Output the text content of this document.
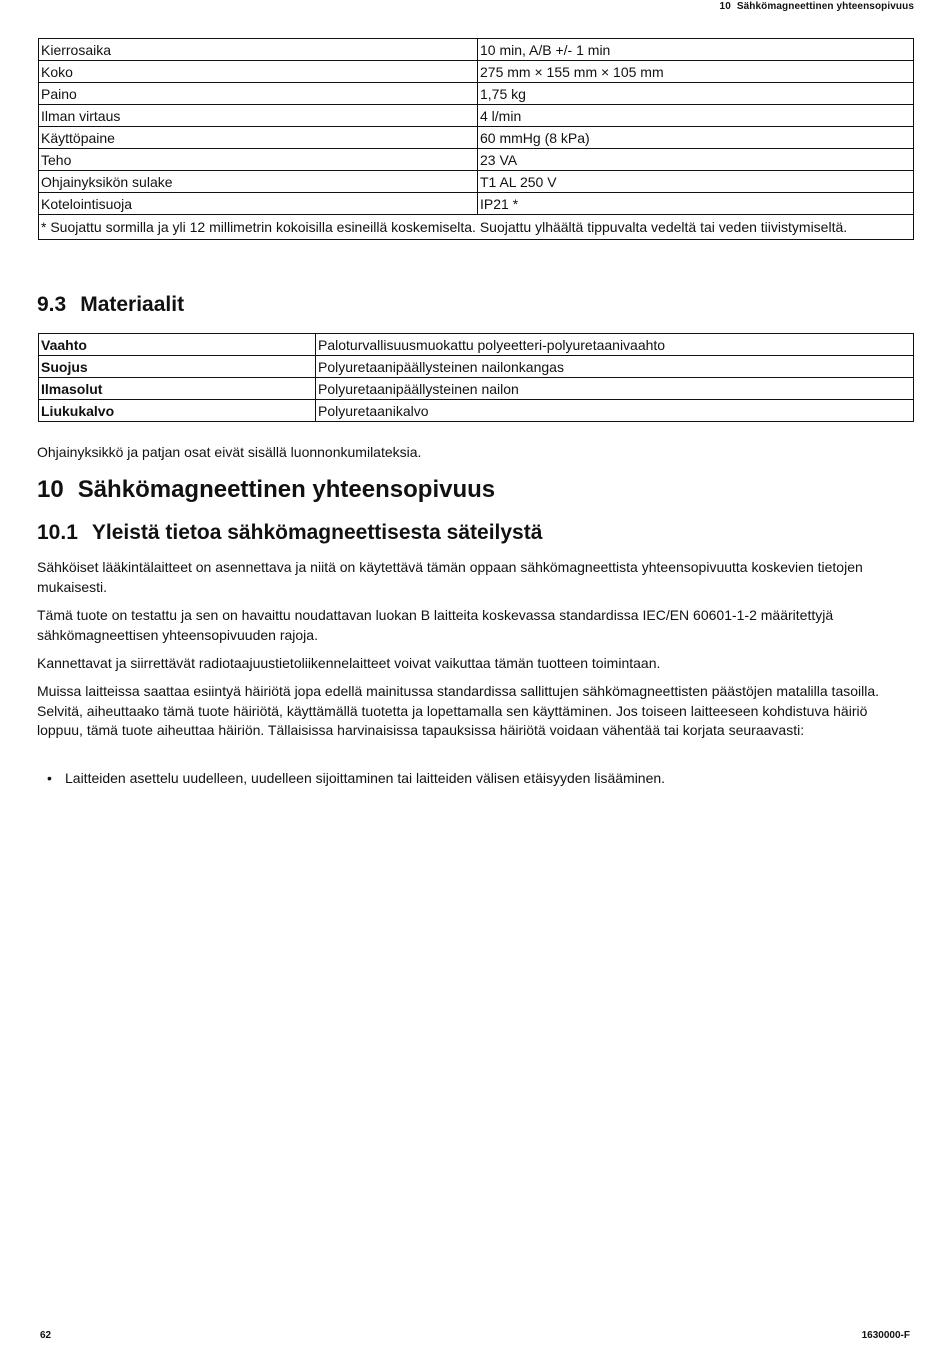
10 Sähkömagneettinen yhteensopivuus
Kierrosaika	10 min, A/B +/- 1 min
Koko	275 mm × 155 mm × 105 mm
Paino	1,75 kg
Ilman virtaus	4 l/min
Käyttöpaine	60 mmHg (8 kPa)
Teho	23 VA
Ohjainyksikön sulake	T1 AL 250 V
Kotelointisuoja	IP21 *
* Suojattu sormilla ja yli 12 millimetrin kokoisilla esineillä koskemiselta. Suojattu ylhäältä tippuvalta vedeltä tai veden tiivistymiseltä.	
9.3 Materiaalit
Vaahto	Paloturvallisuusmuokattu polyeetteri-polyuretaanivaahto
Suojus	Polyuretaanipäällysteinen nailonkangas
Ilmasolut	Polyuretaanipäällysteinen nailon
Liukukalvo	Polyuretaanikalvo

Ohjainyksikkö ja patjan osat eivät sisällä luonnonkumilateksia.

10 Sähkömagneettinen yhteensopivuus
10.1 Yleistä tietoa sähkömagneettisesta säteilystä

Sähköiset lääkintälaitteet on asennettava ja niitä on käytettävä tämän oppaan sähkömagneettista yhteensopivuutta koskevien tietojen mukaisesti.

Tämä tuote on testattu ja sen on havaittu noudattavan luokan B laitteita koskevassa standardissa IEC/EN 60601-1-2 määritettyjä sähkömagneettisen yhteensopivuuden rajoja.

Kannettavat ja siirrettävät radiotaajuustietoliikennelaitteet voivat vaikuttaa tämän tuotteen toimintaan.

Muissa laitteissa saattaa esiintyä häiriötä jopa edellä mainitussa standardissa sallittujen sähkömagneettisten päästöjen matalilla tasoilla. Selvitä, aiheuttaako tämä tuote häiriötä, käyttämällä tuotetta ja lopettamalla sen käyttäminen. Jos toiseen laitteeseen kohdistuva häiriö loppuu, tämä tuote aiheuttaa häiriön. Tällaisissa harvinaisissa tapauksissa häiriötä voidaan vähentää tai korjata seuraavasti:

• Laitteiden asettelu uudelleen, uudelleen sijoittaminen tai laitteiden välisen etäisyyden lisääminen.

62	1630000-F
